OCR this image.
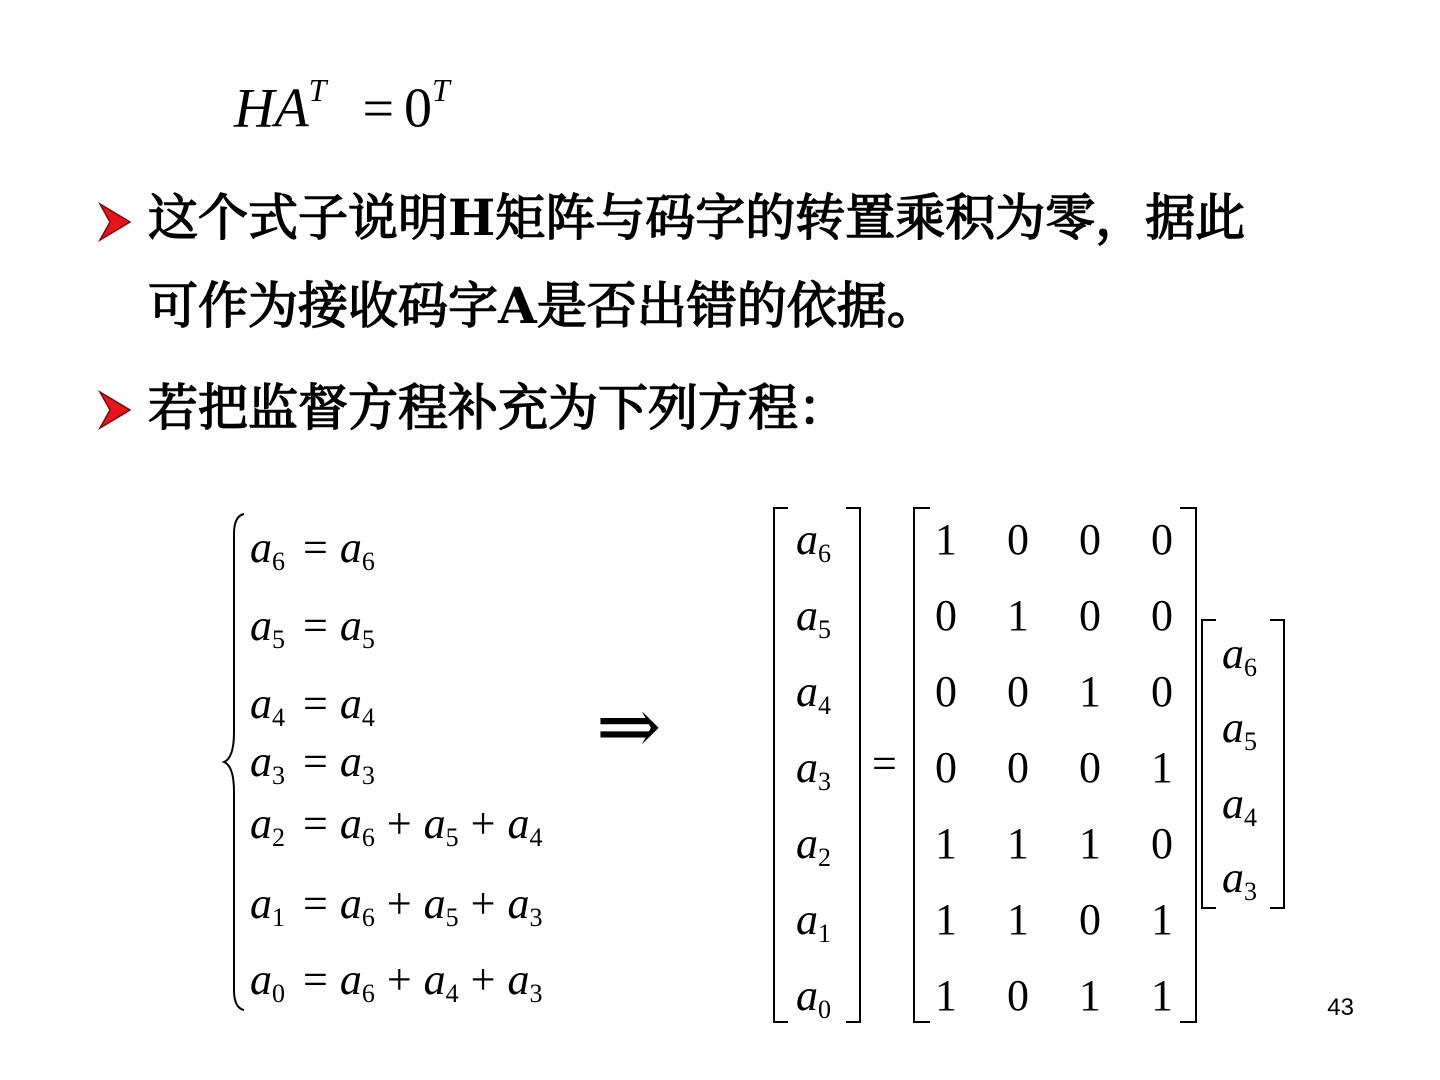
$HA^T = 0^T$
这个式子说明H矩阵与码字的转置乘积为零，据此
可作为接收码字A是否出错的依据。
若把监督方程补充为下列方程：
$a_6 = a_6$
$a_5 = a_5$
$a_4 = a_4$
$a_3 = a_3$
$a_2 = a_6 + a_5 + a_4$
$a_1 = a_6 + a_5 + a_3$
$a_0 = a_6 + a_4 + a_3$
⇒
$a_6$
$a_5$
$a_4$
$a_3$
$a_2$
$a_1$
$a_0$
=
1 0 0 0
0 1 0 0
0 0 1 0
0 0 0 1
1 1 1 0
1 1 0 1
1 0 1 1
$a_6$
$a_5$
$a_4$
$a_3$
43
